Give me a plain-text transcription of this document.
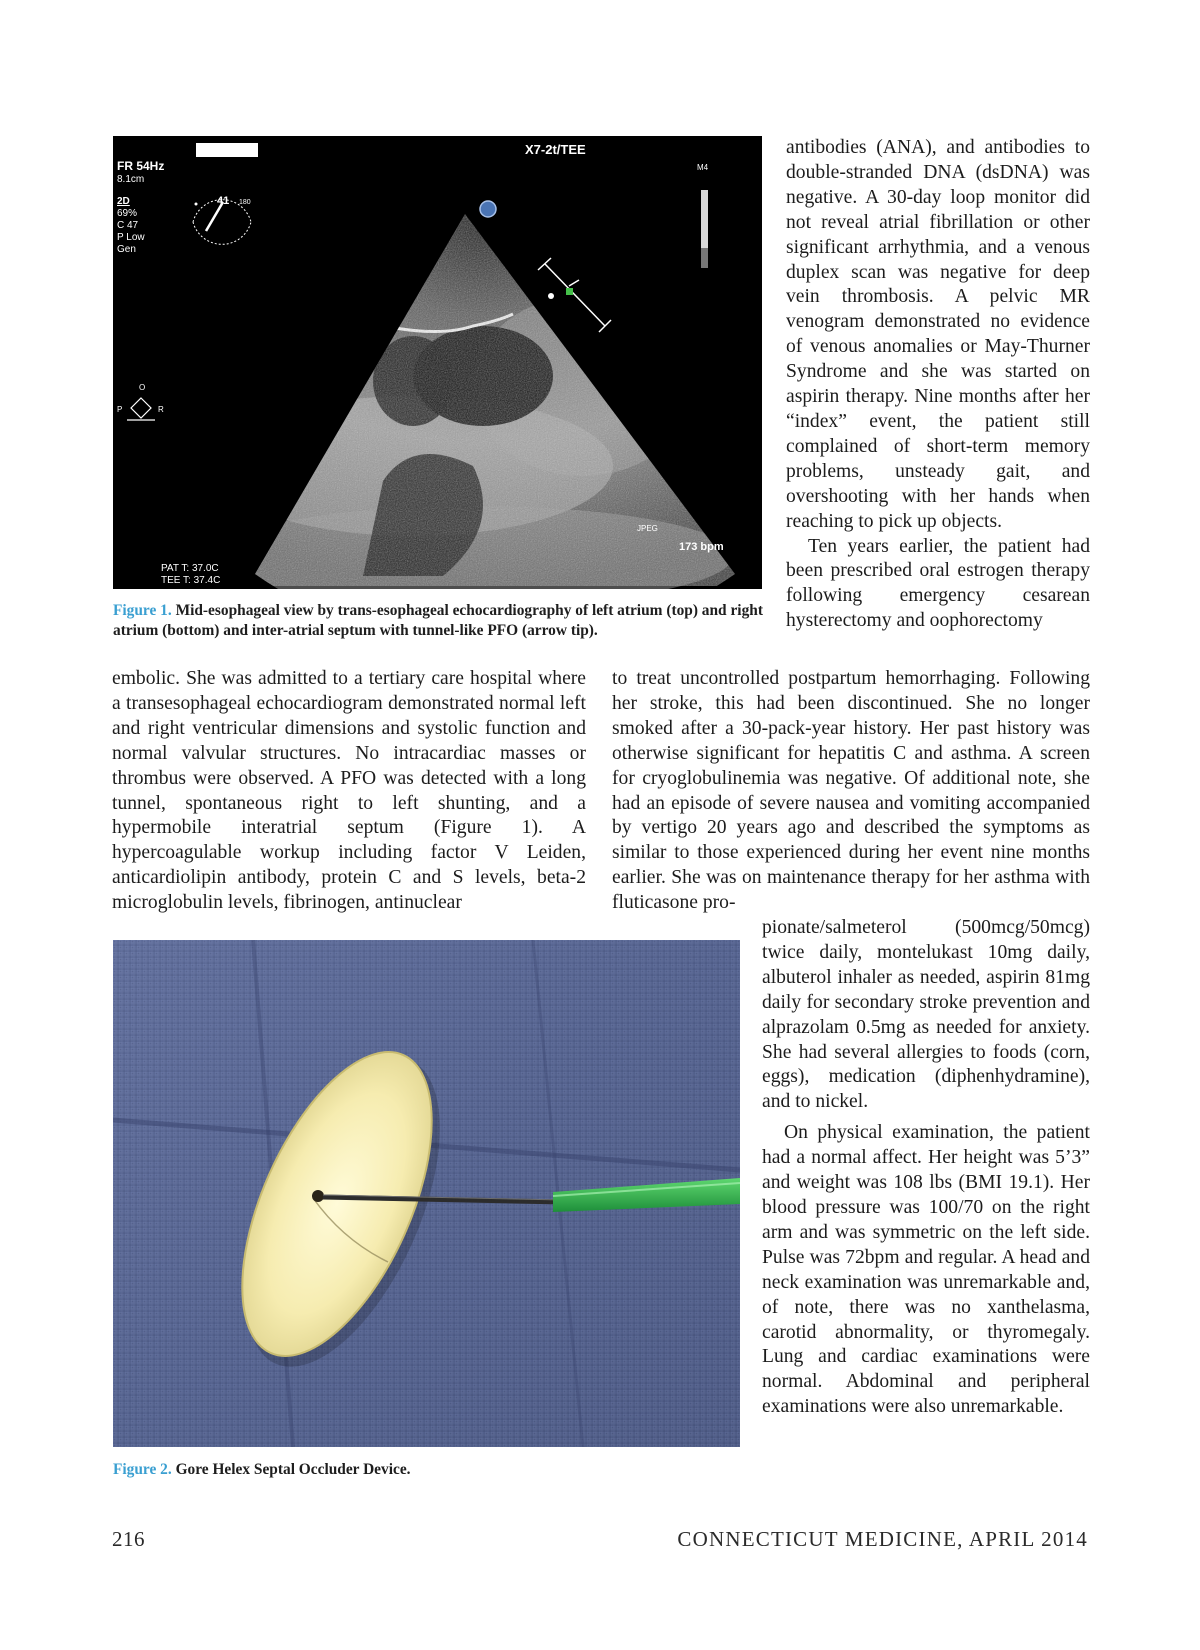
X7-2t/TEE
FR 54Hz
8.1cm
2D
69%
C 47
P Low
Gen
41 180
M4
O
P	R
JPEG
173 bpm
PAT T: 37.0C
TEE T: 37.4C
Figure 1. Mid-esophageal view by trans-esophageal echocardiography of left atrium (top) and right atrium (bottom) and inter-atrial septum with tunnel-like PFO (arrow tip).

antibodies (ANA), and antibodies to double-stranded DNA (dsDNA) was negative. A 30-day loop monitor did not reveal atrial fibrillation or other significant arrhythmia, and a venous duplex scan was negative for deep vein thrombosis. A pelvic MR venogram demonstrated no evidence of venous anomalies or May-Thurner Syndrome and she was started on aspirin therapy. Nine months after her “index” event, the patient still complained of short-term memory problems, unsteady gait, and overshooting with her hands when reaching to pick up objects.

Ten years earlier, the patient had been prescribed oral estrogen therapy following emergency cesarean hysterectomy and oophorectomy

embolic. She was admitted to a tertiary care hospital where a transesophageal echocardiogram demonstrated normal left and right ventricular dimensions and systolic function and normal valvular structures. No intracardiac masses or thrombus were observed. A PFO was detected with a long tunnel, spontaneous right to left shunting, and a hypermobile interatrial septum (Figure 1). A hypercoagulable workup including factor V Leiden, anticardiolipin antibody, protein C and S levels, beta-2 microglobulin levels, fibrinogen, antinuclear

to treat uncontrolled postpartum hemorrhaging. Following her stroke, this had been discontinued. She no longer smoked after a 30-pack-year history. Her past history was otherwise significant for hepatitis C and asthma. A screen for cryoglobulinemia was negative. Of additional note, she had an episode of severe nausea and vomiting accompanied by vertigo 20 years ago and described the symptoms as similar to those experienced during her event nine months earlier. She was on maintenance therapy for her asthma with fluticasone pro-

Figure 2. Gore Helex Septal Occluder Device.

pionate/salmeterol (500mcg/50mcg) twice daily, montelukast 10mg daily, albuterol inhaler as needed, aspirin 81mg daily for secondary stroke prevention and alprazolam 0.5mg as needed for anxiety. She had several allergies to foods (corn, eggs), medication (diphenhydramine), and to nickel.

On physical examination, the patient had a normal affect. Her height was 5’3” and weight was 108 lbs (BMI 19.1). Her blood pressure was 100/70 on the right arm and was symmetric on the left side. Pulse was 72bpm and regular. A head and neck examination was unremarkable and, of note, there was no xanthelasma, carotid abnormality, or thyromegaly. Lung and cardiac examinations were normal. Abdominal and peripheral examinations were also unremarkable.

216	CONNECTICUT MEDICINE, APRIL 2014
